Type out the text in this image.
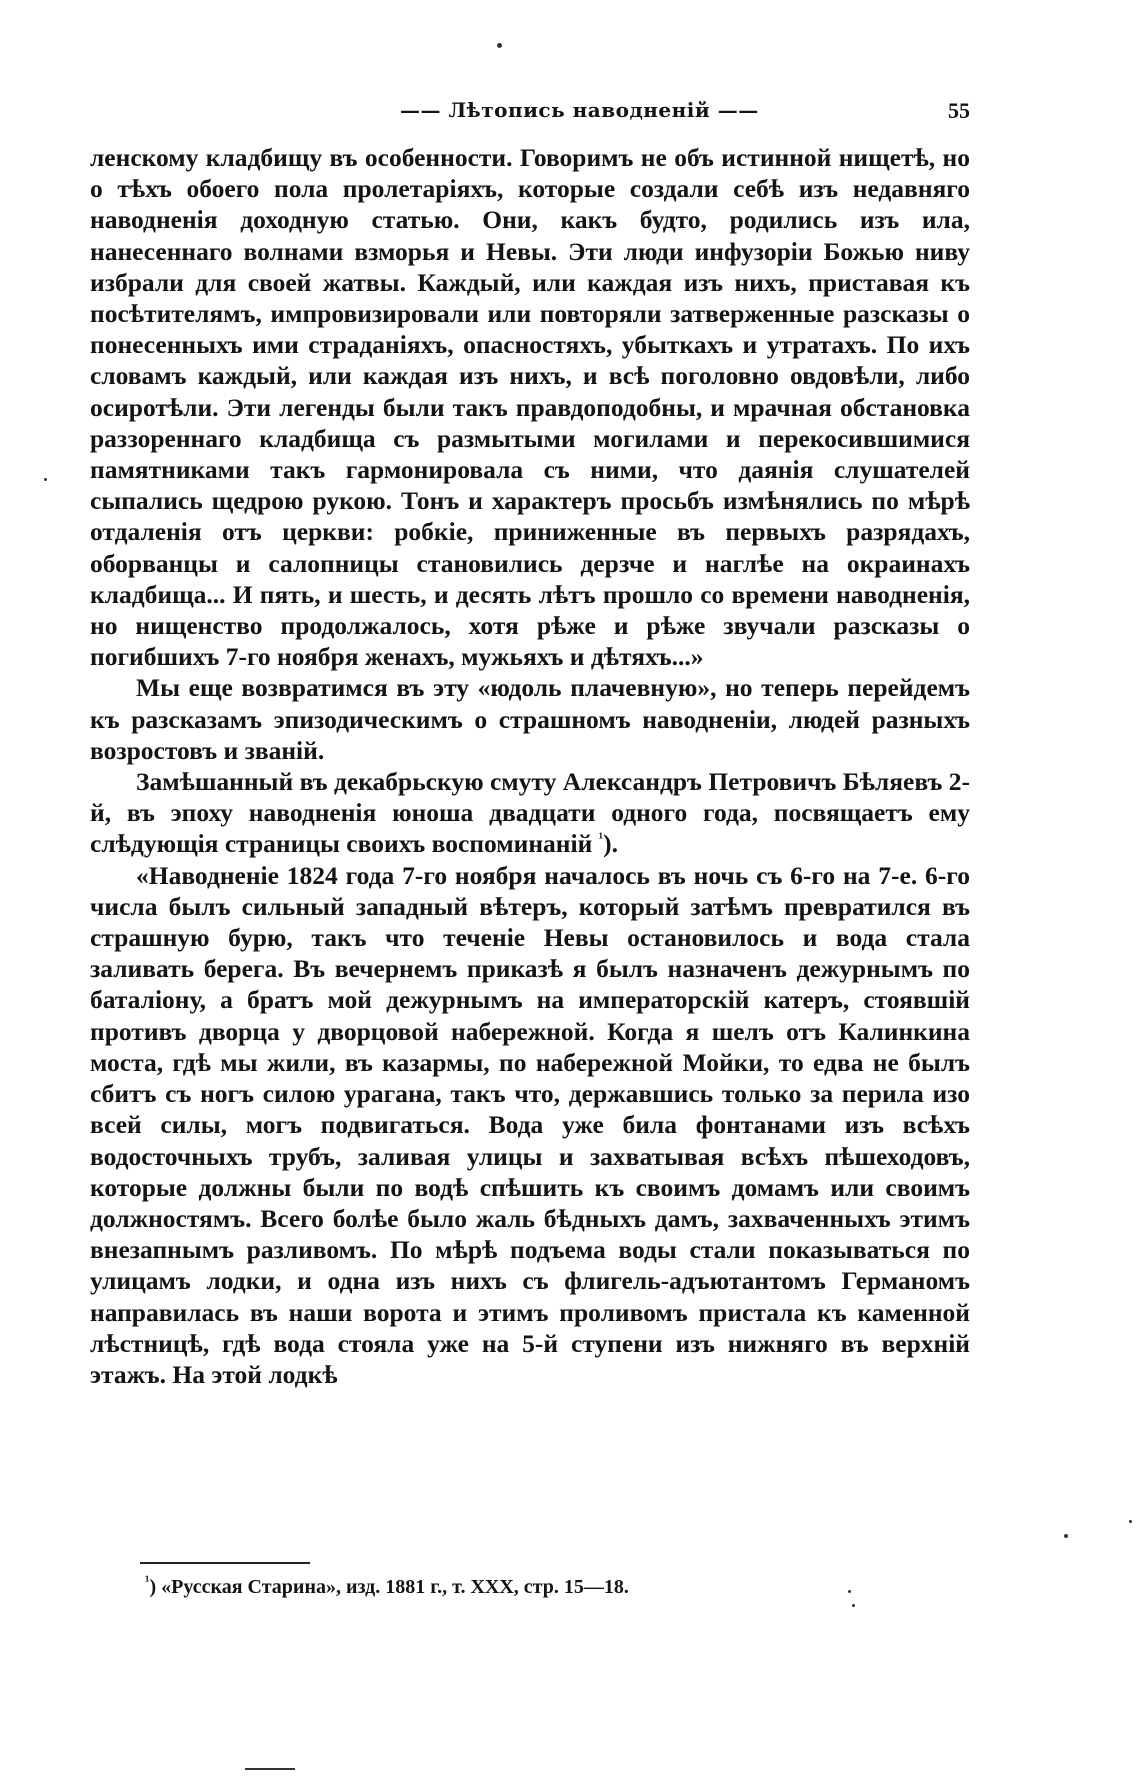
—— Лѣтопись наводненій ——	55

ленскому кладбищу въ особенности. Говоримъ не объ истинной нищетѣ, но о тѣхъ обоего пола пролетаріяхъ, которые создали себѣ изъ недавняго наводненія доходную статью. Они, какъ будто, родились изъ ила, нанесеннаго волнами взморья и Невы. Эти люди инфузоріи Божью ниву избрали для своей жатвы. Каждый, или каждая изъ нихъ, приставая къ посѣтителямъ, импровизировали или повторяли затверженные разсказы о понесенныхъ ими страданіяхъ, опасностяхъ, убыткахъ и утратахъ. По ихъ словамъ каждый, или каждая изъ нихъ, и всѣ поголовно овдовѣли, либо осиротѣли. Эти легенды были такъ правдоподобны, и мрачная обстановка раззореннаго кладбища съ размытыми могилами и перекосившимися памятниками такъ гармонировала съ ними, что даянія слушателей сыпались щедрою рукою. Тонъ и характеръ просьбъ измѣнялись по мѣрѣ отдаленія отъ церкви: робкіе, приниженные въ первыхъ разрядахъ, оборванцы и салопницы становились дерзче и наглѣе на окраинахъ кладбища... И пять, и шесть, и десять лѣтъ прошло со времени наводненія, но нищенство продолжалось, хотя рѣже и рѣже звучали разсказы о погибшихъ 7-го ноября женахъ, мужьяхъ и дѣтяхъ...»

Мы еще возвратимся въ эту «юдоль плачевную», но теперь перейдемъ къ разсказамъ эпизодическимъ о страшномъ наводненіи, людей разныхъ возростовъ и званій.

Замѣшанный въ декабрьскую смуту Александръ Петровичъ Бѣляевъ 2-й, въ эпоху наводненія юноша двадцати одного года, посвящаетъ ему слѣдующія страницы своихъ воспоминаній $^{^1}$).

«Наводненіе 1824 года 7-го ноября началось въ ночь съ 6-го на 7-е. 6-го числа былъ сильный западный вѣтеръ, который затѣмъ превратился въ страшную бурю, такъ что теченіе Невы остановилось и вода стала заливать берега. Въ вечернемъ приказѣ я былъ назначенъ дежурнымъ по баталіону, а братъ мой дежурнымъ на императорскій катеръ, стоявшій противъ дворца у дворцовой набережной. Когда я шелъ отъ Калинкина моста, гдѣ мы жили, въ казармы, по набережной Мойки, то едва не былъ сбитъ съ ногъ силою урагана, такъ что, державшись только за перила изо всей силы, могъ подвигаться. Вода уже била фонтанами изъ всѣхъ водосточныхъ трубъ, заливая улицы и захватывая всѣхъ пѣшеходовъ, которые должны были по водѣ спѣшить къ своимъ домамъ или своимъ должностямъ. Всего болѣе было жаль бѣдныхъ дамъ, захваченныхъ этимъ внезапнымъ разливомъ. По мѣрѣ подъема воды стали показываться по улицамъ лодки, и одна изъ нихъ съ флигель-адъютантомъ Германомъ направилась въ наши ворота и этимъ проливомъ пристала къ каменной лѣстницѣ, гдѣ вода стояла уже на 5-й ступени изъ нижняго въ верхній этажъ. На этой лодкѣ

$^{^1}$) «Русская Старина», изд. 1881 г., т. XXX, стр. 15—18.
